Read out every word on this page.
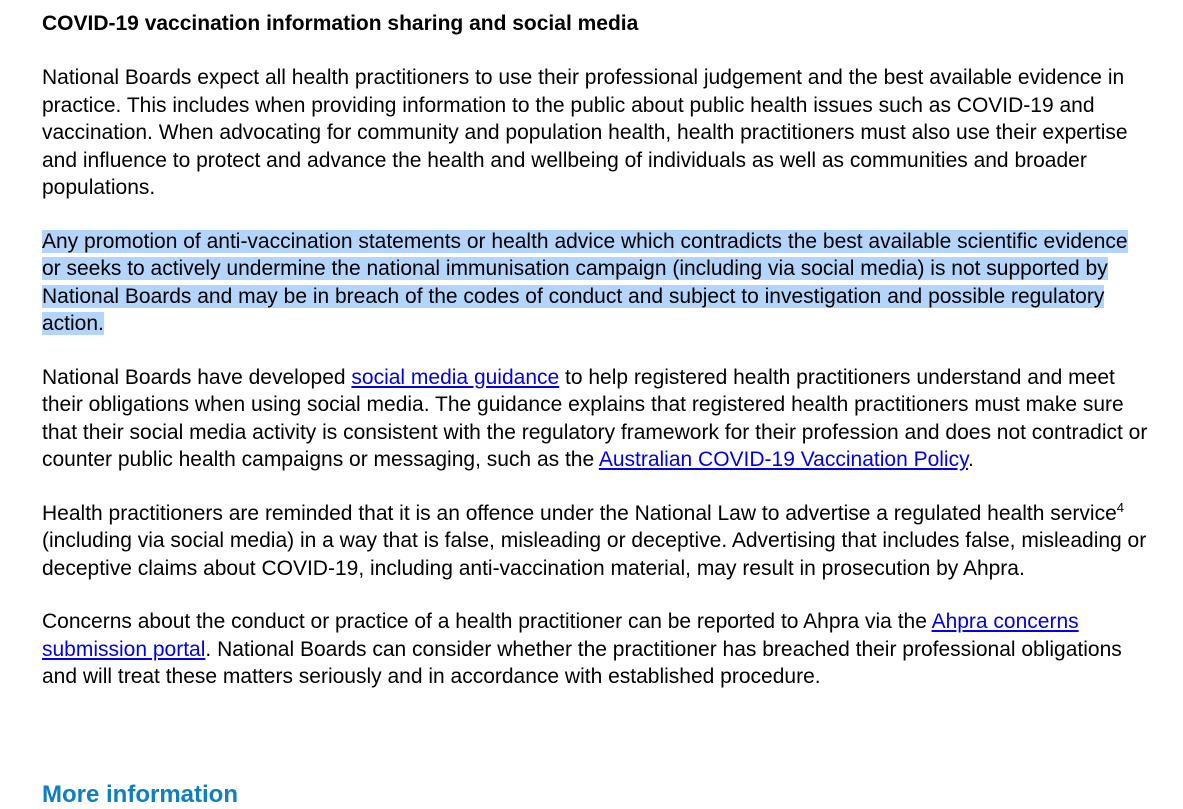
COVID-19 vaccination information sharing and social media

National Boards expect all health practitioners to use their professional judgement and the best available evidence in practice. This includes when providing information to the public about public health issues such as COVID-19 and vaccination. When advocating for community and population health, health practitioners must also use their expertise and influence to protect and advance the health and wellbeing of individuals as well as communities and broader populations.

Any promotion of anti-vaccination statements or health advice which contradicts the best available scientific evidence or seeks to actively undermine the national immunisation campaign (including via social media) is not supported by National Boards and may be in breach of the codes of conduct and subject to investigation and possible regulatory action.

National Boards have developed social media guidance to help registered health practitioners understand and meet their obligations when using social media. The guidance explains that registered health practitioners must make sure that their social media activity is consistent with the regulatory framework for their profession and does not contradict or counter public health campaigns or messaging, such as the Australian COVID-19 Vaccination Policy.

Health practitioners are reminded that it is an offence under the National Law to advertise a regulated health service$^4$ (including via social media) in a way that is false, misleading or deceptive. Advertising that includes false, misleading or deceptive claims about COVID-19, including anti-vaccination material, may result in prosecution by Ahpra.

Concerns about the conduct or practice of a health practitioner can be reported to Ahpra via the Ahpra concerns submission portal. National Boards can consider whether the practitioner has breached their professional obligations and will treat these matters seriously and in accordance with established procedure.

More information
